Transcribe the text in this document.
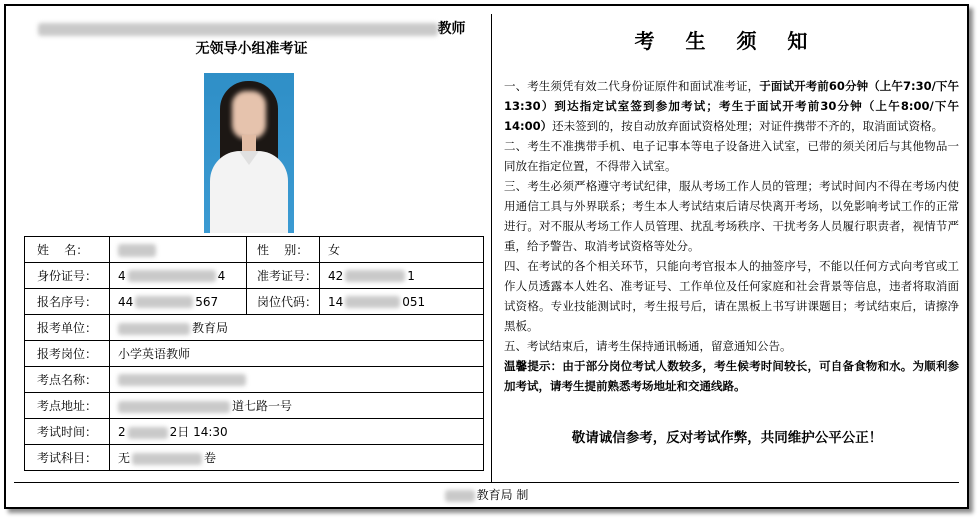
教师
无领导小组准考证
姓    名：		性    别：	女
身份证号：	4 4	准考证号：	42 1
报名序号：	44 567	岗位代码：	14 051
报考单位：	教育局		
报考岗位：	小学英语教师		
考点名称：			
考点地址：	道七路一号		
考试时间：	2 2日 14:30		
考试科目：	无 卷		
考 生 须 知

一、考生须凭有效二代身份证原件和面试准考证，于面试开考前60分钟（上午7:30/下午13:30）到达指定试室签到参加考试；考生于面试开考前30分钟（上午8:00/下午14:00）还未签到的，按自动放弃面试资格处理；对证件携带不齐的，取消面试资格。

二、考生不准携带手机、电子记事本等电子设备进入试室，已带的须关闭后与其他物品一同放在指定位置，不得带入试室。

三、考生必须严格遵守考试纪律，服从考场工作人员的管理；考试时间内不得在考场内使用通信工具与外界联系；考生本人考试结束后请尽快离开考场，以免影响考试工作的正常进行。对不服从考场工作人员管理、扰乱考场秩序、干扰考务人员履行职责者，视情节严重，给予警告、取消考试资格等处分。

四、在考试的各个相关环节，只能向考官报本人的抽签序号，不能以任何方式向考官或工作人员透露本人姓名、准考证号、工作单位及任何家庭和社会背景等信息，违者将取消面试资格。专业技能测试时，考生报号后，请在黑板上书写讲课题目；考试结束后，请擦净黑板。

五、考试结束后，请考生保持通讯畅通，留意通知公告。

温馨提示：由于部分岗位考试人数较多，考生候考时间较长，可自备食物和水。为顺利参加考试，请考生提前熟悉考场地址和交通线路。

敬请诚信参考，反对考试作弊，共同维护公平公正！
教育局 制
